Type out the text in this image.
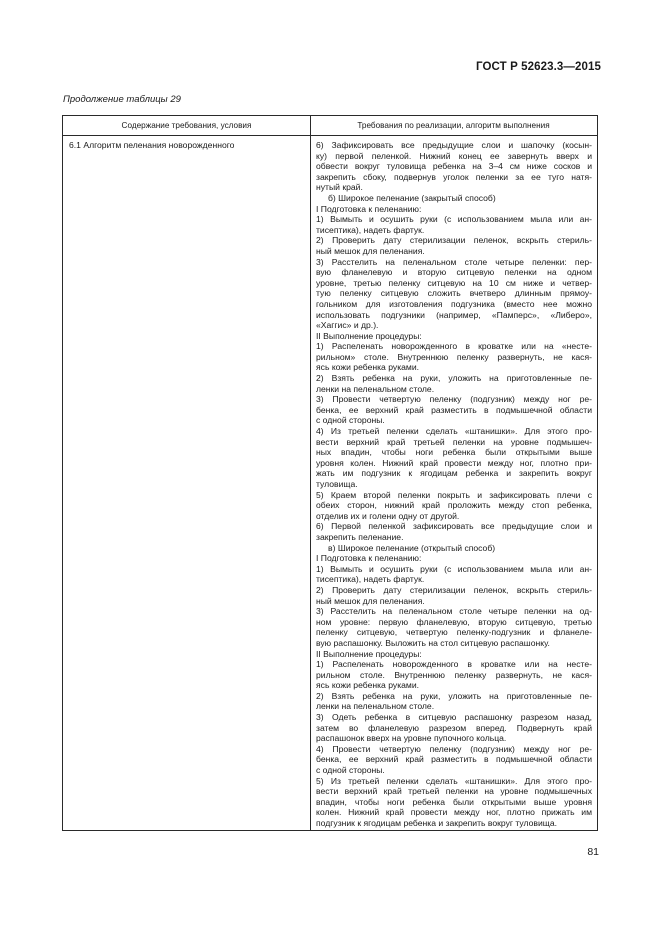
ГОСТ Р 52623.3—2015
Продолжение таблицы 29
Содержание требования, условия	Требования по реализации, алгоритм выполнения
6.1 Алгоритм пеленания новорожденного	6) Зафиксировать все предыдущие слои и шапочку (косын-
ку) первой пеленкой. Нижний конец ее завернуть вверх и
обвести вокруг туловища ребенка на 3–4 см ниже сосков и
закрепить сбоку, подвернув уголок пеленки за ее туго натя-
нутый край.
б) Широкое пеленание (закрытый способ)
I Подготовка к пеленанию:
1) Вымыть и осушить руки (с использованием мыла или ан-
тисептика), надеть фартук.
2) Проверить дату стерилизации пеленок, вскрыть стериль-
ный мешок для пеленания.
3) Расстелить на пеленальном столе четыре пеленки: пер-
вую фланелевую и вторую ситцевую пеленки на одном
уровне, третью пеленку ситцевую на 10 см ниже и четвер-
тую пеленку ситцевую сложить вчетверо длинным прямоу-
гольником для изготовления подгузника (вместо нее можно
использовать подгузники (например, «Памперс», «Либеро»,
«Хаггис» и др.).
II Выполнение процедуры:
1) Распеленать новорожденного в кроватке или на «несте-
рильном» столе. Внутреннюю пеленку развернуть, не кася-
ясь кожи ребенка руками.
2) Взять ребенка на руки, уложить на приготовленные пе-
ленки на пеленальном столе.
3) Провести четвертую пеленку (подгузник) между ног ре-
бенка, ее верхний край разместить в подмышечной области
с одной стороны.
4) Из третьей пеленки сделать «штанишки». Для этого про-
вести верхний край третьей пеленки на уровне подмышеч-
ных впадин, чтобы ноги ребенка были открытыми выше
уровня колен. Нижний край провести между ног, плотно при-
жать им подгузник к ягодицам ребенка и закрепить вокруг
туловища.
5) Краем второй пеленки покрыть и зафиксировать плечи с
обеих сторон, нижний край проложить между стоп ребенка,
отделив их и голени одну от другой.
6) Первой пеленкой зафиксировать все предыдущие слои и
закрепить пеленание.
в) Широкое пеленание (открытый способ)
I Подготовка к пеленанию:
1) Вымыть и осушить руки (с использованием мыла или ан-
тисептика), надеть фартук.
2) Проверить дату стерилизации пеленок, вскрыть стериль-
ный мешок для пеленания.
3) Расстелить на пеленальном столе четыре пеленки на од-
ном уровне: первую фланелевую, вторую ситцевую, третью
пеленку ситцевую, четвертую пеленку-подгузник и фланеле-
вую распашонку. Выложить на стол ситцевую распашонку.
II Выполнение процедуры:
1) Распеленать новорожденного в кроватке или на несте-
рильном столе. Внутреннюю пеленку развернуть, не кася-
ясь кожи ребенка руками.
2) Взять ребенка на руки, уложить на приготовленные пе-
ленки на пеленальном столе.
3) Одеть ребенка в ситцевую распашонку разрезом назад,
затем во фланелевую разрезом вперед. Подвернуть край
распашонок вверх на уровне пупочного кольца.
4) Провести четвертую пеленку (подгузник) между ног ре-
бенка, ее верхний край разместить в подмышечной области
с одной стороны.
5) Из третьей пеленки сделать «штанишки». Для этого про-
вести верхний край третьей пеленки на уровне подмышечных
впадин, чтобы ноги ребенка были открытыми выше уровня
колен. Нижний край провести между ног, плотно прижать им
подгузник к ягодицам ребенка и закрепить вокруг туловища.
81
